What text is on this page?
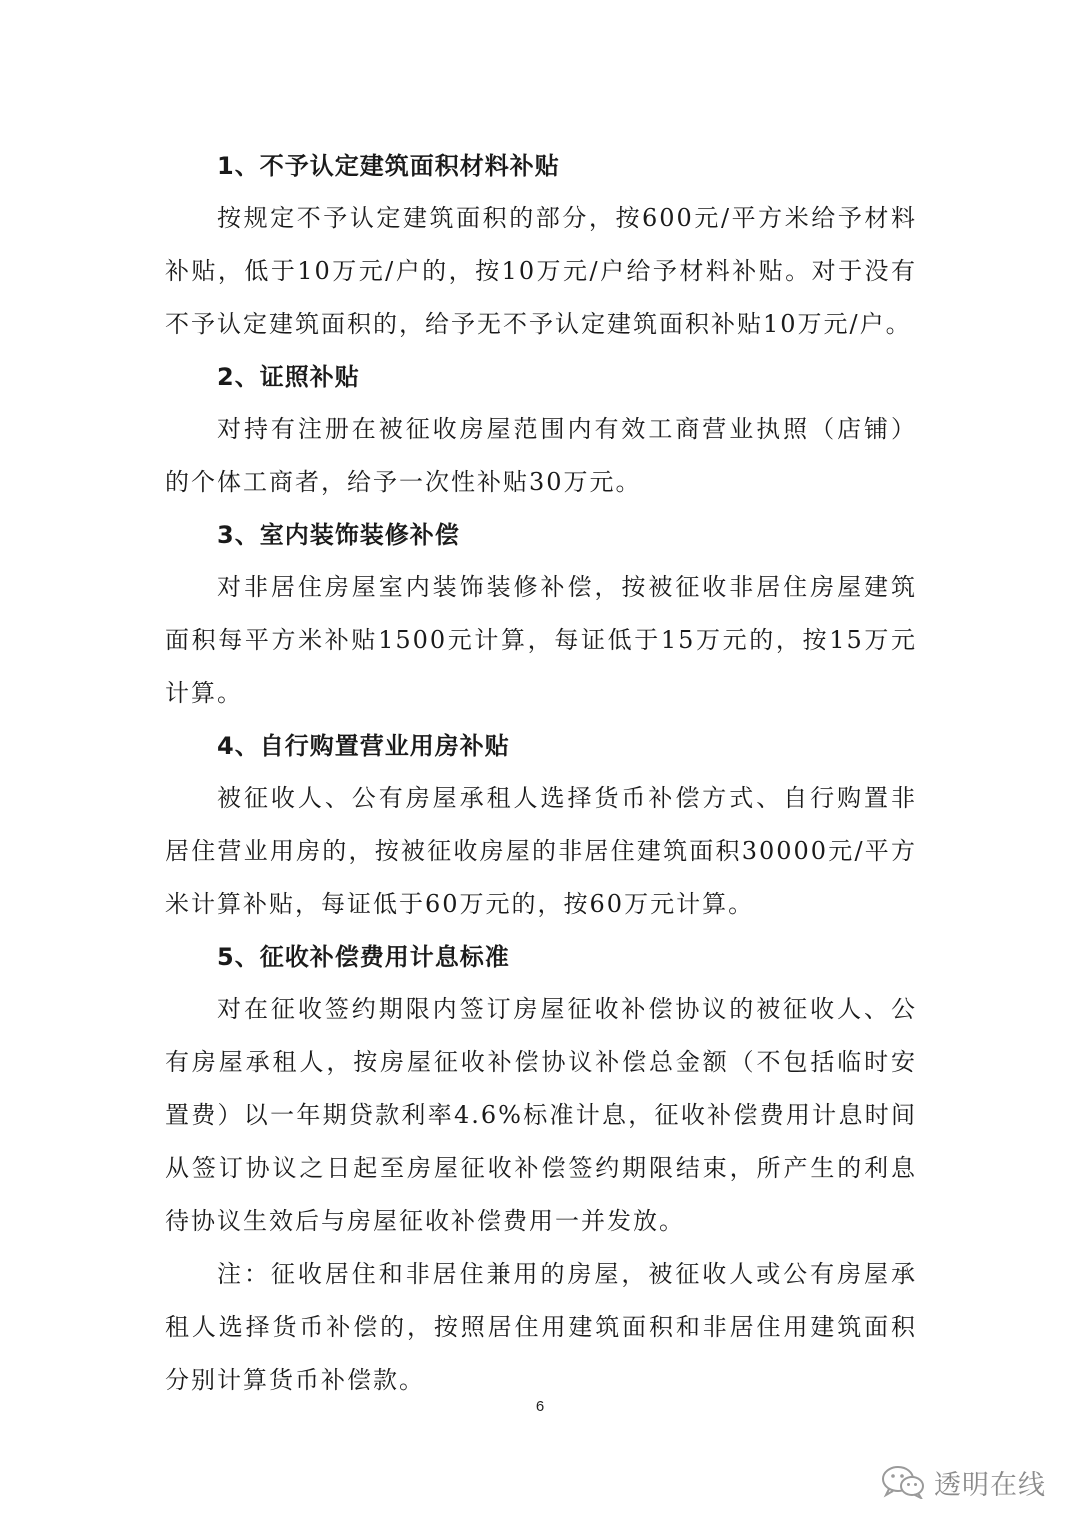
1、不予认定建筑面积材料补贴

按规定不予认定建筑面积的部分，按600元/平方米给予材料补贴，低于10万元/户的，按10万元/户给予材料补贴。对于没有不予认定建筑面积的，给予无不予认定建筑面积补贴10万元/户。

2、证照补贴

对持有注册在被征收房屋范围内有效工商营业执照（店铺）的个体工商者，给予一次性补贴30万元。

3、室内装饰装修补偿

对非居住房屋室内装饰装修补偿，按被征收非居住房屋建筑面积每平方米补贴1500元计算，每证低于15万元的，按15万元计算。

4、自行购置营业用房补贴

被征收人、公有房屋承租人选择货币补偿方式、自行购置非居住营业用房的，按被征收房屋的非居住建筑面积30000元/平方米计算补贴，每证低于60万元的，按60万元计算。

5、征收补偿费用计息标准

对在征收签约期限内签订房屋征收补偿协议的被征收人、公有房屋承租人，按房屋征收补偿协议补偿总金额（不包括临时安置费）以一年期贷款利率4.6%标准计息，征收补偿费用计息时间从签订协议之日起至房屋征收补偿签约期限结束，所产生的利息待协议生效后与房屋征收补偿费用一并发放。

注：征收居住和非居住兼用的房屋，被征收人或公有房屋承租人选择货币补偿的，按照居住用建筑面积和非居住用建筑面积分别计算货币补偿款。

6
透明在线
